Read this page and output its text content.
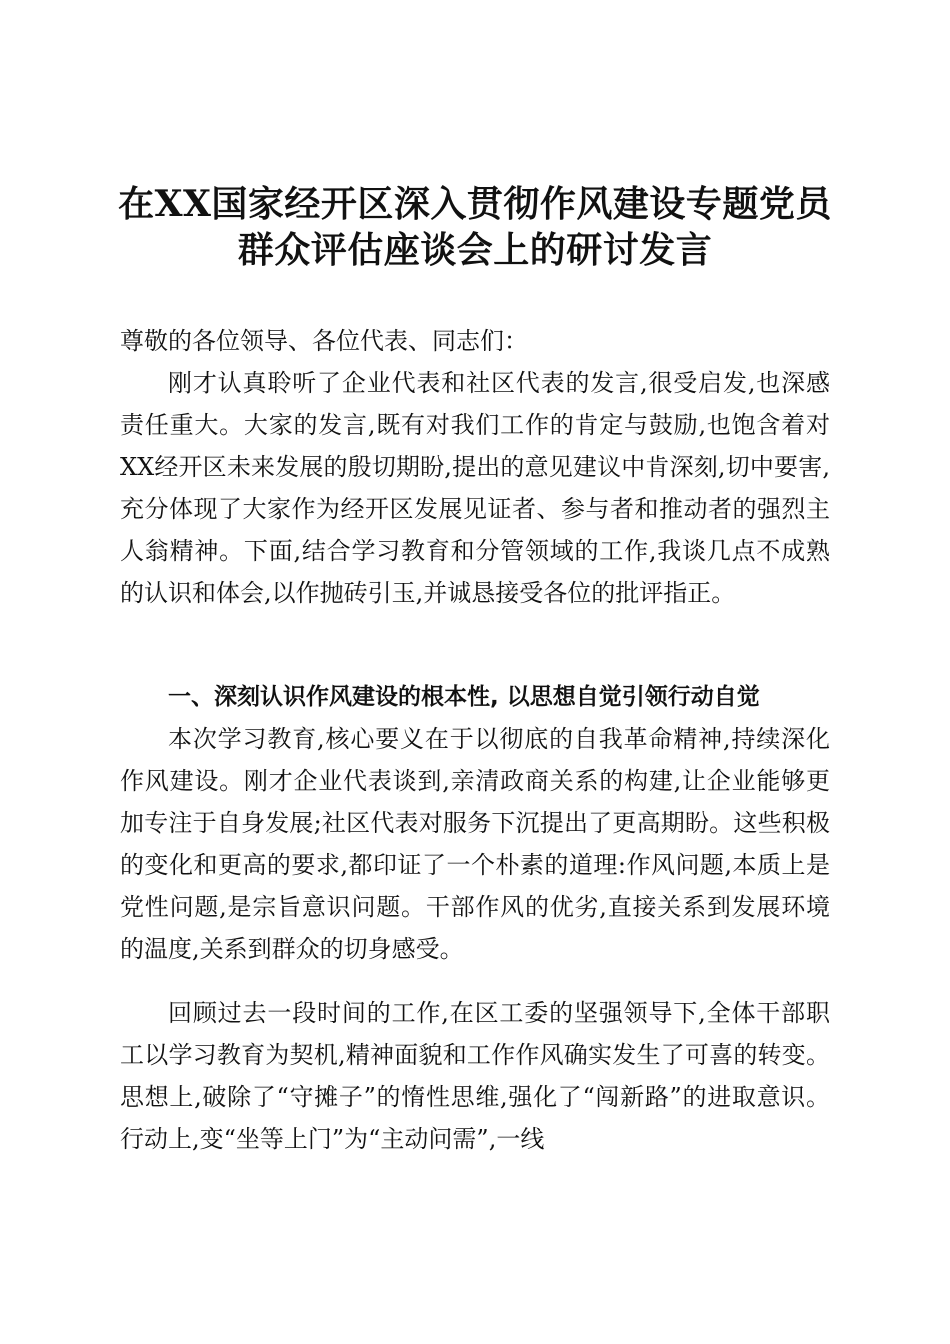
在XX国家经开区深入贯彻作风建设专题党员
群众评估座谈会上的研讨发言

尊敬的各位领导、各位代表、同志们：

刚才认真聆听了企业代表和社区代表的发言,很受启发,也深感责任重大。大家的发言,既有对我们工作的肯定与鼓励,也饱含着对XX经开区未来发展的殷切期盼,提出的意见建议中肯深刻,切中要害,充分体现了大家作为经开区发展见证者、参与者和推动者的强烈主人翁精神。下面,结合学习教育和分管领域的工作,我谈几点不成熟的认识和体会,以作抛砖引玉,并诚恳接受各位的批评指正。

一、深刻认识作风建设的根本性, 以思想自觉引领行动自觉

本次学习教育,核心要义在于以彻底的自我革命精神,持续深化作风建设。刚才企业代表谈到,亲清政商关系的构建,让企业能够更加专注于自身发展;社区代表对服务下沉提出了更高期盼。这些积极的变化和更高的要求,都印证了一个朴素的道理:作风问题,本质上是党性问题,是宗旨意识问题。干部作风的优劣,直接关系到发展环境的温度,关系到群众的切身感受。

回顾过去一段时间的工作,在区工委的坚强领导下,全体干部职工以学习教育为契机,精神面貌和工作作风确实发生了可喜的转变。思想上,破除了“守摊子”的惰性思维,强化了“闯新路”的进取意识。行动上,变“坐等上门”为“主动问需”,一线
